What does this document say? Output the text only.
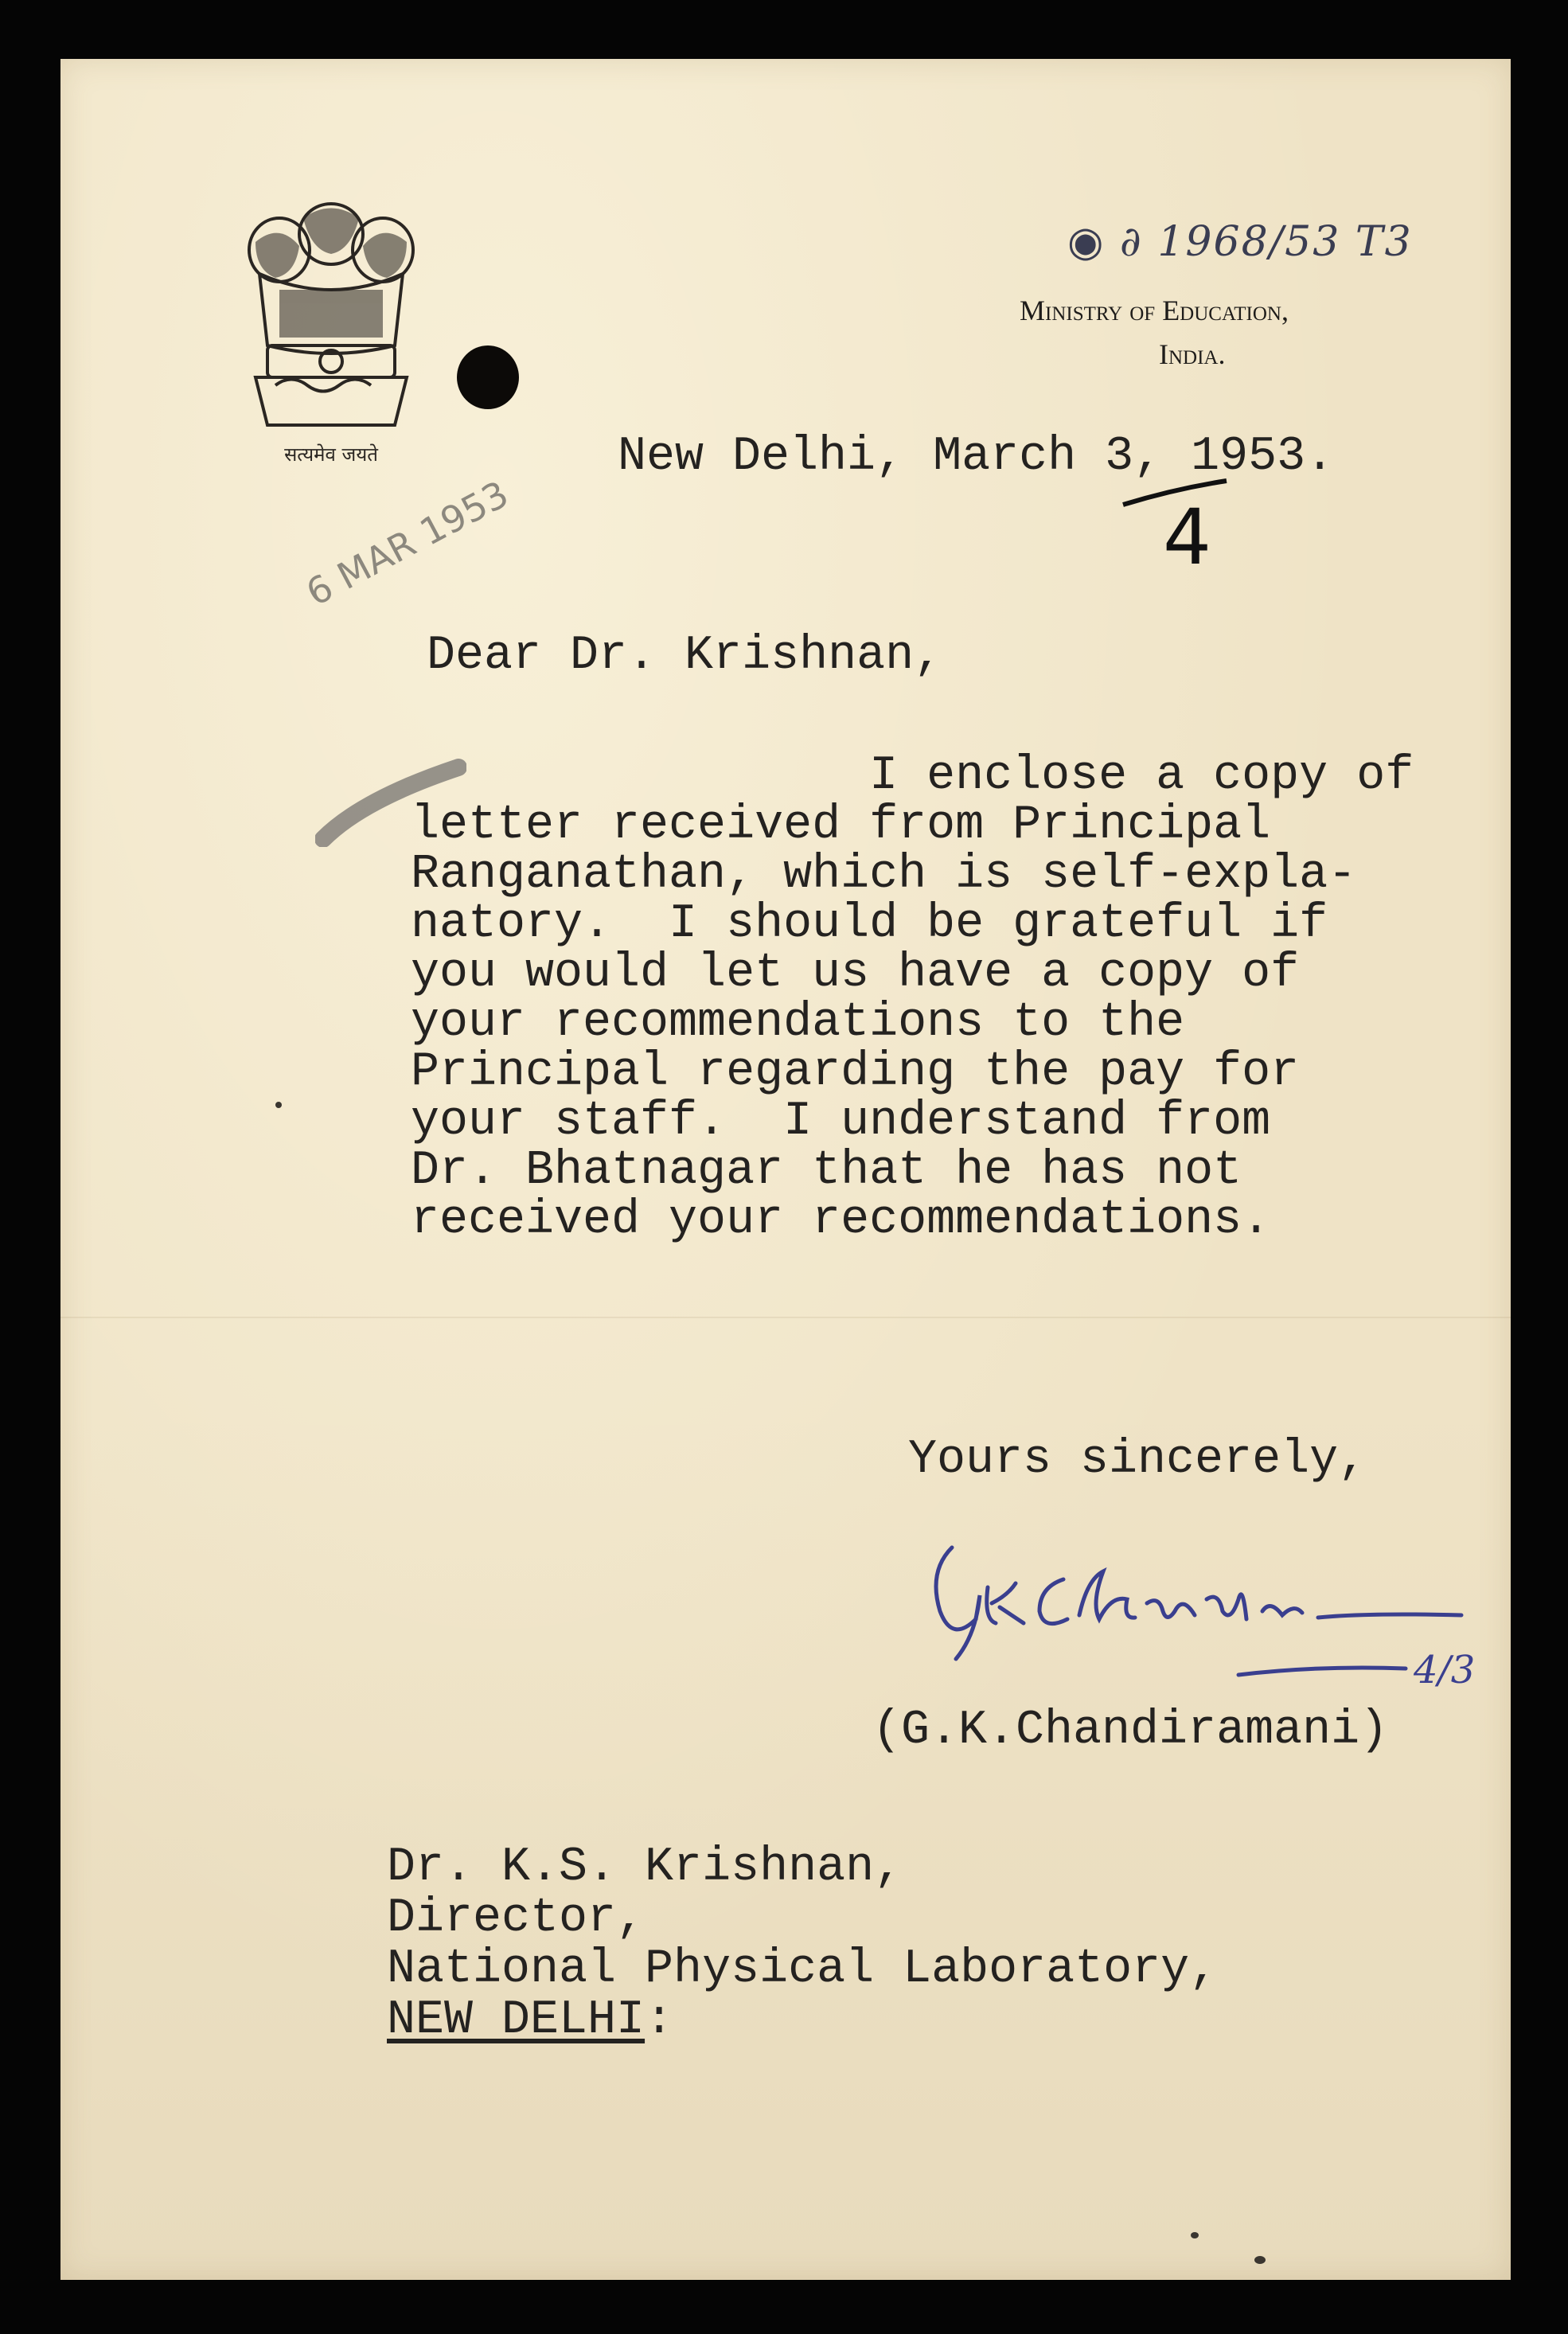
सत्यमेव जयते
◉ ∂ 1968/53 T3
Ministry of Education,
India.
New Delhi, March 3, 1953.
4
6 MAR 1953
Dear Dr. Krishnan,
I enclose a copy of
letter received from Principal
Ranganathan, which is self-expla-
natory.  I should be grateful if
you would let us have a copy of
your recommendations to the
Principal regarding the pay for
your staff.  I understand from
Dr. Bhatnagar that he has not
received your recommendations.
Yours sincerely,
4/3
(G.K.Chandiramani)
Dr. K.S. Krishnan,
Director,
National Physical Laboratory,
NEW DELHI:
